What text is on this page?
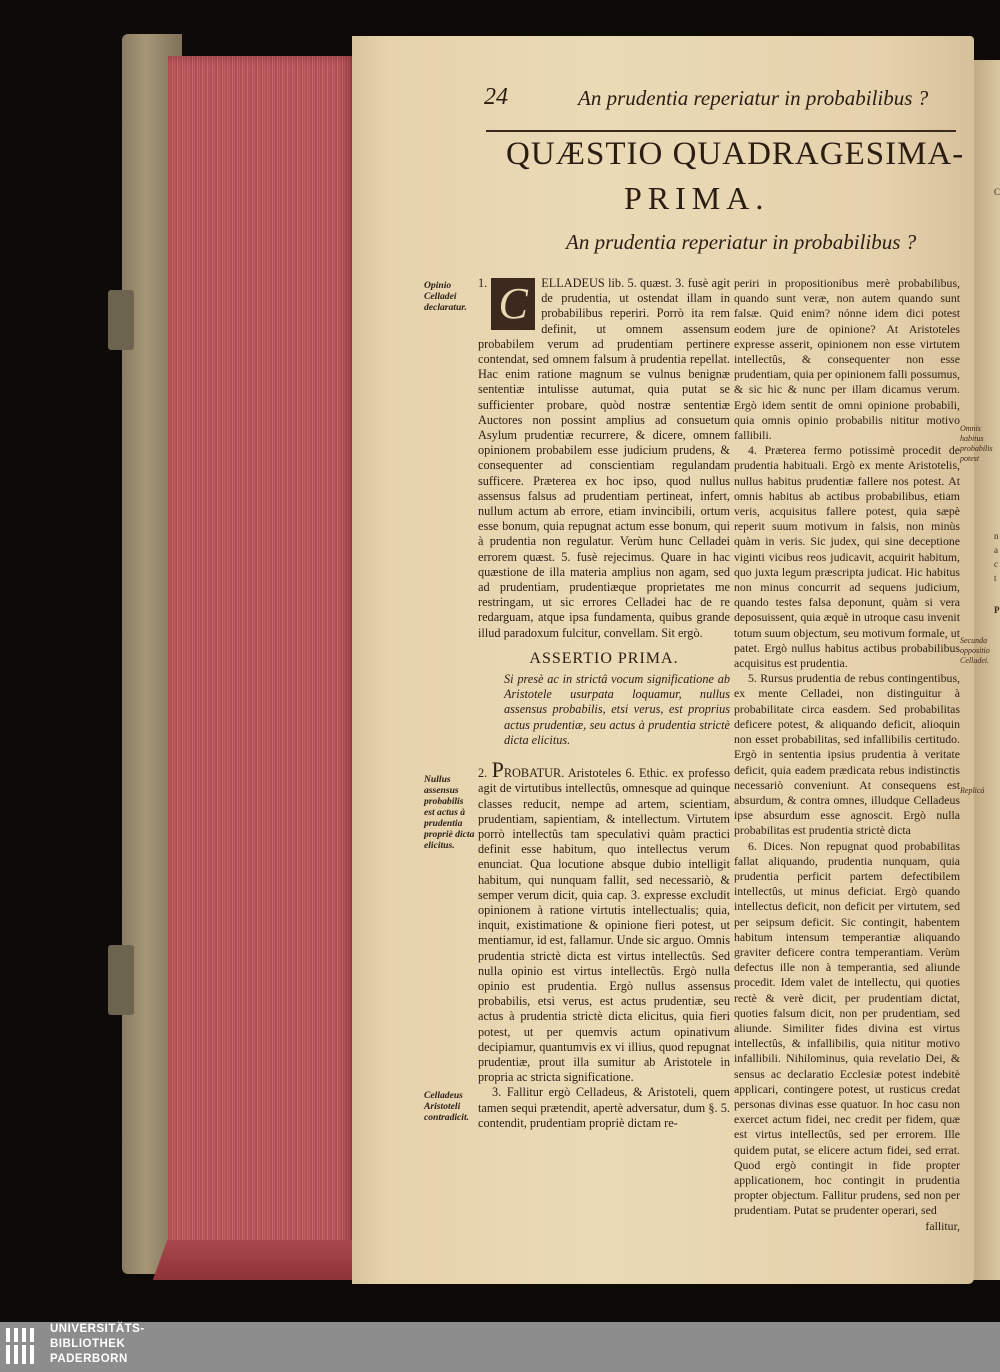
C
n
a
c
t
P
24	An prudentia reperiatur in probabilibus ?
QUÆSTIO QUADRAGESIMA-
PRIMA.
An prudentia reperiatur in probabilibus ?
Opinio Celladei declaratur.
Nullus assensus probabilis est actus à prudentia propriè dicta elicitus.
Celladeus Aristoteli contradicit.
Omnis habitus probabilis potest
Secunda oppositio Celladei.
Replicá

1. C	ELLADEUS lib. 5. quæst. 3. fusè agit de prudentia, ut ostendat illam in probabilibus reperiri. Porrò ita rem definit, ut omnem assensum probabilem verum ad prudentiam pertinere contendat, sed omnem falsum à prudentia repellat. Hac enim ratione magnum se vulnus benignæ sententiæ intulisse autumat, quia putat se sufficienter probare, quòd nostræ sententiæ Auctores non possint amplius ad consuetum Asylum prudentiæ recurrere, & dicere, omnem opinionem probabilem esse judicium prudens, & consequenter ad conscientiam regulandam sufficere. Præterea ex hoc ipso, quod nullus assensus falsus ad prudentiam pertineat, infert, nullum actum ab errore, etiam invincibili, ortum esse bonum, quia repugnat actum esse bonum, qui à prudentia non regulatur. Verùm hunc Celladei errorem quæst. 5. fusè rejecimus. Quare in hac quæstione de illa materia amplius non agam, sed ad prudentiam, prudentiæque proprietates me restringam, ut sic errores Celladei hac de re redarguam, atque ipsa fundamenta, quibus grande illud paradoxum fulcitur, convellam. Sit ergò.

ASSERTIO PRIMA.

Si presè ac in strictâ vocum significatione ab Aristotele usurpata loquamur, nullus assensus probabilis, etsi verus, est proprius actus prudentiæ, seu actus à prudentia strictè dicta elicitus.

2. PROBATUR. Aristoteles 6. Ethic. ex professo agit de virtutibus intellectûs, omnesque ad quinque classes reducit, nempe ad artem, scientiam, prudentiam, sapientiam, & intellectum. Virtutem porrò intellectûs tam speculativi quàm practici definit esse habitum, quo intellectus verum enunciat. Qua locutione absque dubio intelligit habitum, qui nunquam fallit, sed necessariò, & semper verum dicit, quia cap. 3. expresse excludit opinionem à ratione virtutis intellectualis; quia, inquit, existimatione & opinione fieri potest, ut mentiamur, id est, fallamur. Unde sic arguo. Omnis prudentia strictè dicta est virtus intellectûs. Sed nulla opinio est virtus intellectûs. Ergò nulla opinio est prudentia. Ergò nullus assensus probabilis, etsi verus, est actus prudentiæ, seu actus à prudentia strictè dicta elicitus, quia fieri potest, ut per quemvis actum opinativum decipiamur, quantumvis ex vi illius, quod repugnat prudentiæ, prout illa sumitur ab Aristotele in propria ac stricta significatione.

3. Fallitur ergò Celladeus, & Aristoteli, quem tamen sequi prætendit, apertè adversatur, dum §. 5. contendit, prudentiam propriè dictam re-

periri in propositionibus merè probabilibus, quando sunt veræ, non autem quando sunt falsæ. Quid enim? nónne idem dici potest eodem jure de opinione? At Aristoteles expresse asserit, opinionem non esse virtutem intellectûs, & consequenter non esse prudentiam, quia per opinionem falli possumus, & sic hic & nunc per illam dicamus verum. Ergò idem sentit de omni opinione probabili, quia omnis opinio probabilis nititur motivo fallibili.

4. Præterea fermo potissimè procedit de prudentia habituali. Ergò ex mente Aristotelis, nullus habitus prudentiæ fallere nos potest. At omnis habitus ab actibus probabilibus, etiam veris, acquisitus fallere potest, quia sæpè reperit suum motivum in falsis, non minùs quàm in veris. Sic judex, qui sine deceptione viginti vicibus reos judicavit, acquirit habitum, quo juxta legum præscripta judicat. Hic habitus non minus concurrit ad sequens judicium, quando testes falsa deponunt, quàm si vera deposuissent, quia æquè in utroque casu invenit totum suum objectum, seu motivum formale, ut patet. Ergò nullus habitus actibus probabilibus acquisitus est prudentia.

5. Rursus prudentia de rebus contingentibus, ex mente Celladei, non distinguitur à probabilitate circa easdem. Sed probabilitas deficere potest, & aliquando deficit, alioquin non esset probabilitas, sed infallibilis certitudo. Ergò in sententia ipsius prudentia à veritate deficit, quia eadem prædicata rebus indistinctis necessariò conveniunt. At consequens est absurdum, & contra omnes, illudque Celladeus ipse absurdum esse agnoscit. Ergò nulla probabilitas est prudentia strictè dicta

6. Dices. Non repugnat quod probabilitas fallat aliquando, prudentia nunquam, quia prudentia perficit partem defectibilem intellectûs, ut minus deficiat. Ergò quando intellectus deficit, non deficit per virtutem, sed per seipsum deficit. Sic contingit, habentem habitum intensum temperantiæ aliquando graviter deficere contra temperantiam. Verùm defectus ille non à temperantia, sed aliunde procedit. Idem valet de intellectu, qui quoties rectè & verè dicit, per prudentiam dictat, quoties falsum dicit, non per prudentiam, sed aliunde. Similiter fides divina est virtus intellectûs, & infallibilis, quia nititur motivo infallibili. Nihilominus, quia revelatio Dei, & sensus ac declaratio Ecclesiæ potest indebitè applicari, contingere potest, ut rusticus credat personas divinas esse quatuor. In hoc casu non exercet actum fidei, nec credit per fidem, quæ est virtus intellectûs, sed per errorem. Ille quidem putat, se elicere actum fidei, sed errat. Quod ergò contingit in fide propter applicationem, hoc contingit in prudentia propter objectum. Fallitur prudens, sed non per prudentiam. Putat se prudenter operari, sed

fallitur,

UNIVERSITÄTS-
BIBLIOTHEK
PADERBORN
